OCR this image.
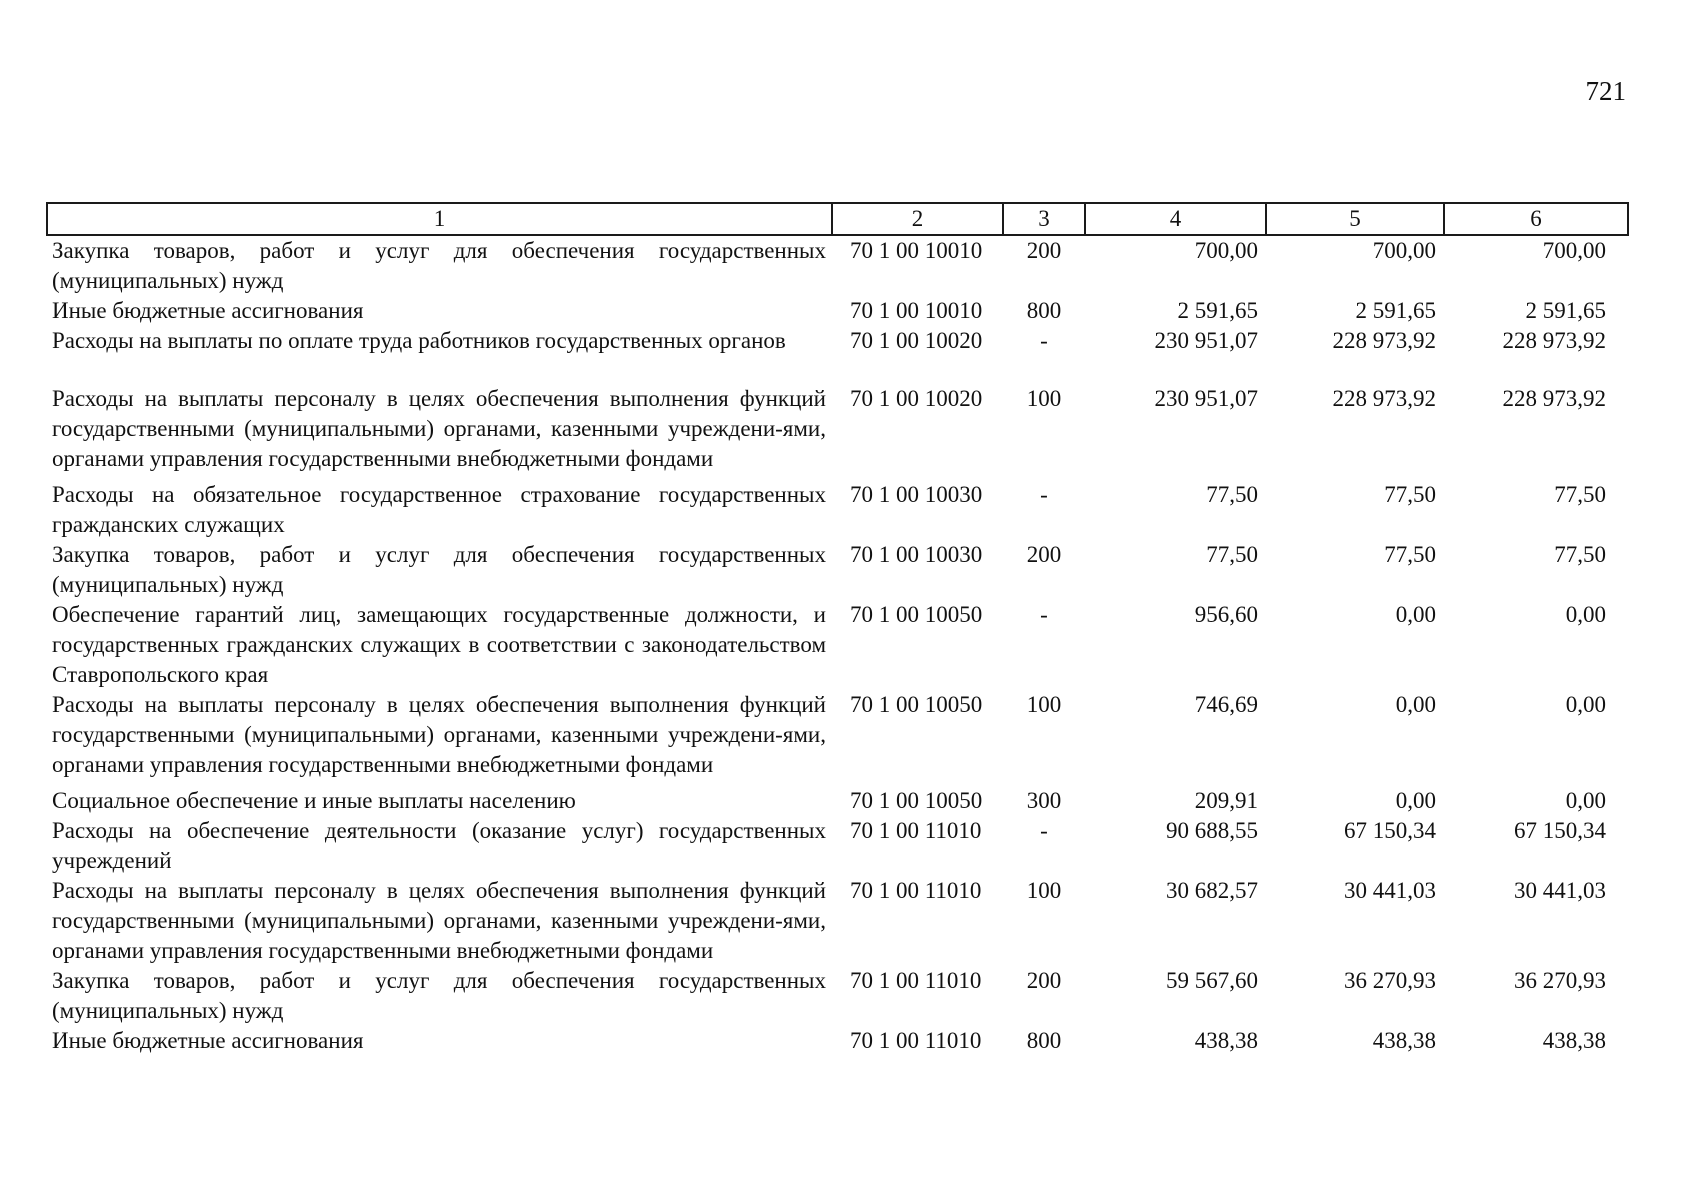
721
1	2	3	4	5	6
Закупка товаров, работ и услуг для обеспечения государственных (муниципальных) нужд	70 1 00 10010	200	700,00	700,00	700,00
Иные бюджетные ассигнования	70 1 00 10010	800	2 591,65	2 591,65	2 591,65
Расходы на выплаты по оплате труда работников государственных органов	70 1 00 10020	-	230 951,07	228 973,92	228 973,92
Расходы на выплаты персоналу в целях обеспечения выполнения функций государственными (муниципальными) органами, казенными учреждени-ями, органами управления государственными внебюджетными фондами	70 1 00 10020	100	230 951,07	228 973,92	228 973,92
Расходы на обязательное государственное страхование государственных гражданских служащих	70 1 00 10030	-	77,50	77,50	77,50
Закупка товаров, работ и услуг для обеспечения государственных (муниципальных) нужд	70 1 00 10030	200	77,50	77,50	77,50
Обеспечение гарантий лиц, замещающих государственные должности, и государственных гражданских служащих в соответствии с законодательством Ставропольского края	70 1 00 10050	-	956,60	0,00	0,00
Расходы на выплаты персоналу в целях обеспечения выполнения функций государственными (муниципальными) органами, казенными учреждени-ями, органами управления государственными внебюджетными фондами	70 1 00 10050	100	746,69	0,00	0,00
Социальное обеспечение и иные выплаты населению	70 1 00 10050	300	209,91	0,00	0,00
Расходы на обеспечение деятельности (оказание услуг) государственных учреждений	70 1 00 11010	-	90 688,55	67 150,34	67 150,34
Расходы на выплаты персоналу в целях обеспечения выполнения функций государственными (муниципальными) органами, казенными учреждени-ями, органами управления государственными внебюджетными фондами	70 1 00 11010	100	30 682,57	30 441,03	30 441,03
Закупка товаров, работ и услуг для обеспечения государственных (муниципальных) нужд	70 1 00 11010	200	59 567,60	36 270,93	36 270,93
Иные бюджетные ассигнования	70 1 00 11010	800	438,38	438,38	438,38
